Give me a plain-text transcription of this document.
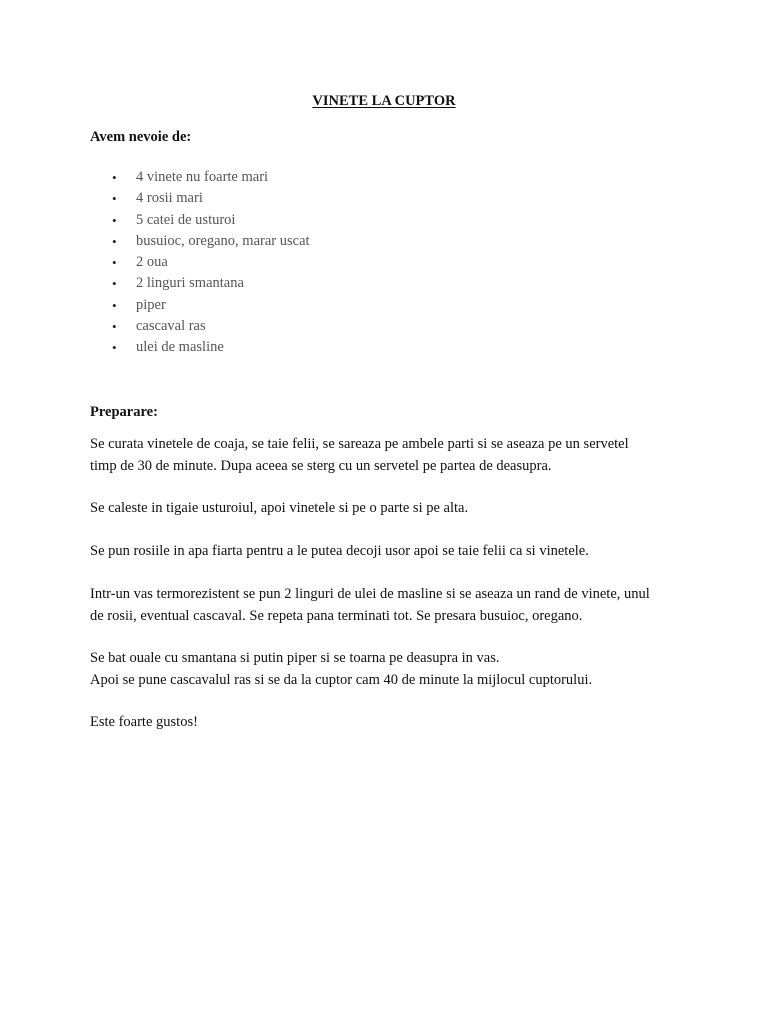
VINETE LA CUPTOR
Avem nevoie de:
• 4 vinete nu foarte mari
• 4 rosii mari
• 5 catei de usturoi
• busuioc, oregano, marar uscat
• 2 oua
• 2 linguri smantana
• piper
• cascaval ras
• ulei de masline
Preparare:
Se curata vinetele de coaja, se taie felii, se sareaza pe ambele parti si se aseaza pe un servetel
timp de 30 de minute. Dupa aceea se sterg cu un servetel pe partea de deasupra.
Se caleste in tigaie usturoiul, apoi vinetele si pe o parte si pe alta.
Se pun rosiile in apa fiarta pentru a le putea decoji usor apoi se taie felii ca si vinetele.
Intr-un vas termorezistent se pun 2 linguri de ulei de masline si se aseaza un rand de vinete, unul
de rosii, eventual cascaval. Se repeta pana terminati tot. Se presara busuioc, oregano.
Se bat ouale cu smantana si putin piper si se toarna pe deasupra in vas.
Apoi se pune cascavalul ras si se da la cuptor cam 40 de minute la mijlocul cuptorului.
Este foarte gustos!
